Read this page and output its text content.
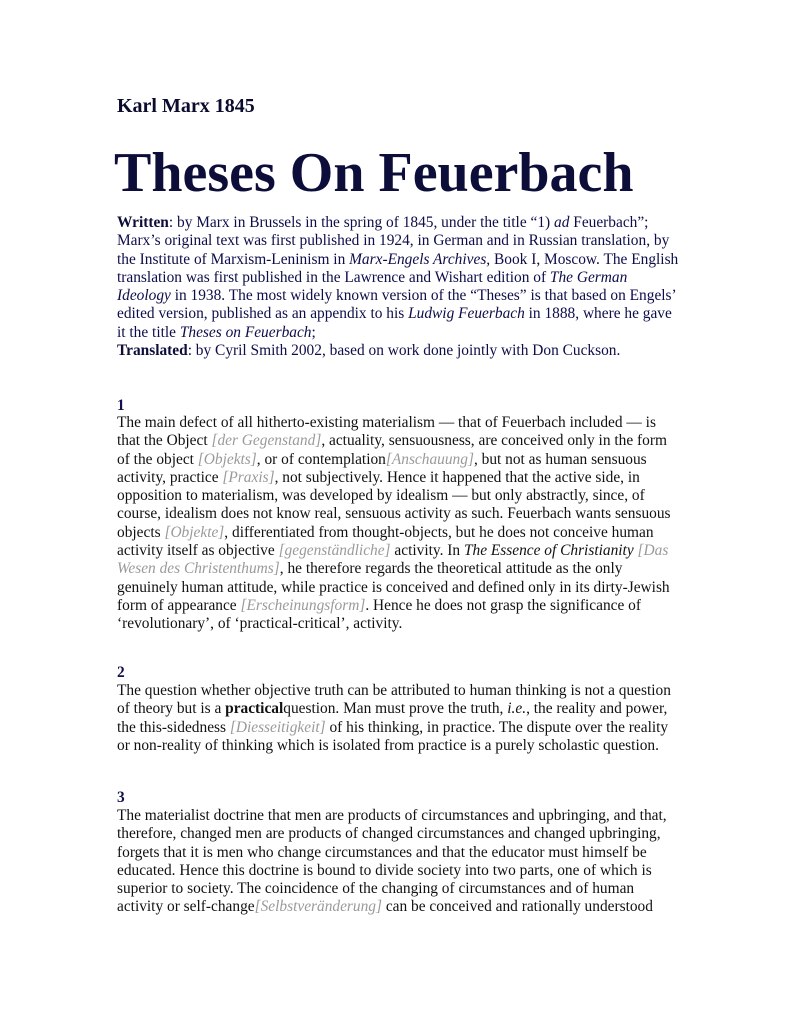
Karl Marx 1845
Theses On Feuerbach

Written: by Marx in Brussels in the spring of 1845, under the title “1) ad Feuerbach”; Marx’s original text was first published in 1924, in German and in Russian translation, by the Institute of Marxism-Leninism in Marx-Engels Archives, Book I, Moscow. The English translation was first published in the Lawrence and Wishart edition of The German Ideology in 1938. The most widely known version of the “Theses” is that based on Engels’ edited version, published as an appendix to his Ludwig Feuerbach in 1888, where he gave it the title Theses on Feuerbach;
Translated: by Cyril Smith 2002, based on work done jointly with Don Cuckson.

1

The main defect of all hitherto-existing materialism — that of Feuerbach included — is that the Object [der Gegenstand], actuality, sensuousness, are conceived only in the form of the object [Objekts], or of contemplation[Anschauung], but not as human sensuous activity, practice [Praxis], not subjectively. Hence it happened that the active side, in opposition to materialism, was developed by idealism — but only abstractly, since, of course, idealism does not know real, sensuous activity as such. Feuerbach wants sensuous objects [Objekte], differentiated from thought-objects, but he does not conceive human activity itself as objective [gegenständliche] activity. In The Essence of Christianity [Das Wesen des Christenthums], he therefore regards the theoretical attitude as the only genuinely human attitude, while practice is conceived and defined only in its dirty-Jewish form of appearance [Erscheinungsform]. Hence he does not grasp the significance of ‘revolutionary’, of ‘practical-critical’, activity.

2

The question whether objective truth can be attributed to human thinking is not a question of theory but is a practicalquestion. Man must prove the truth, i.e., the reality and power, the this-sidedness [Diesseitigkeit] of his thinking, in practice. The dispute over the reality or non-reality of thinking which is isolated from practice is a purely scholastic question.

3

The materialist doctrine that men are products of circumstances and upbringing, and that, therefore, changed men are products of changed circumstances and changed upbringing, forgets that it is men who change circumstances and that the educator must himself be educated. Hence this doctrine is bound to divide society into two parts, one of which is superior to society. The coincidence of the changing of circumstances and of human activity or self-change[Selbstveränderung] can be conceived and rationally understood
